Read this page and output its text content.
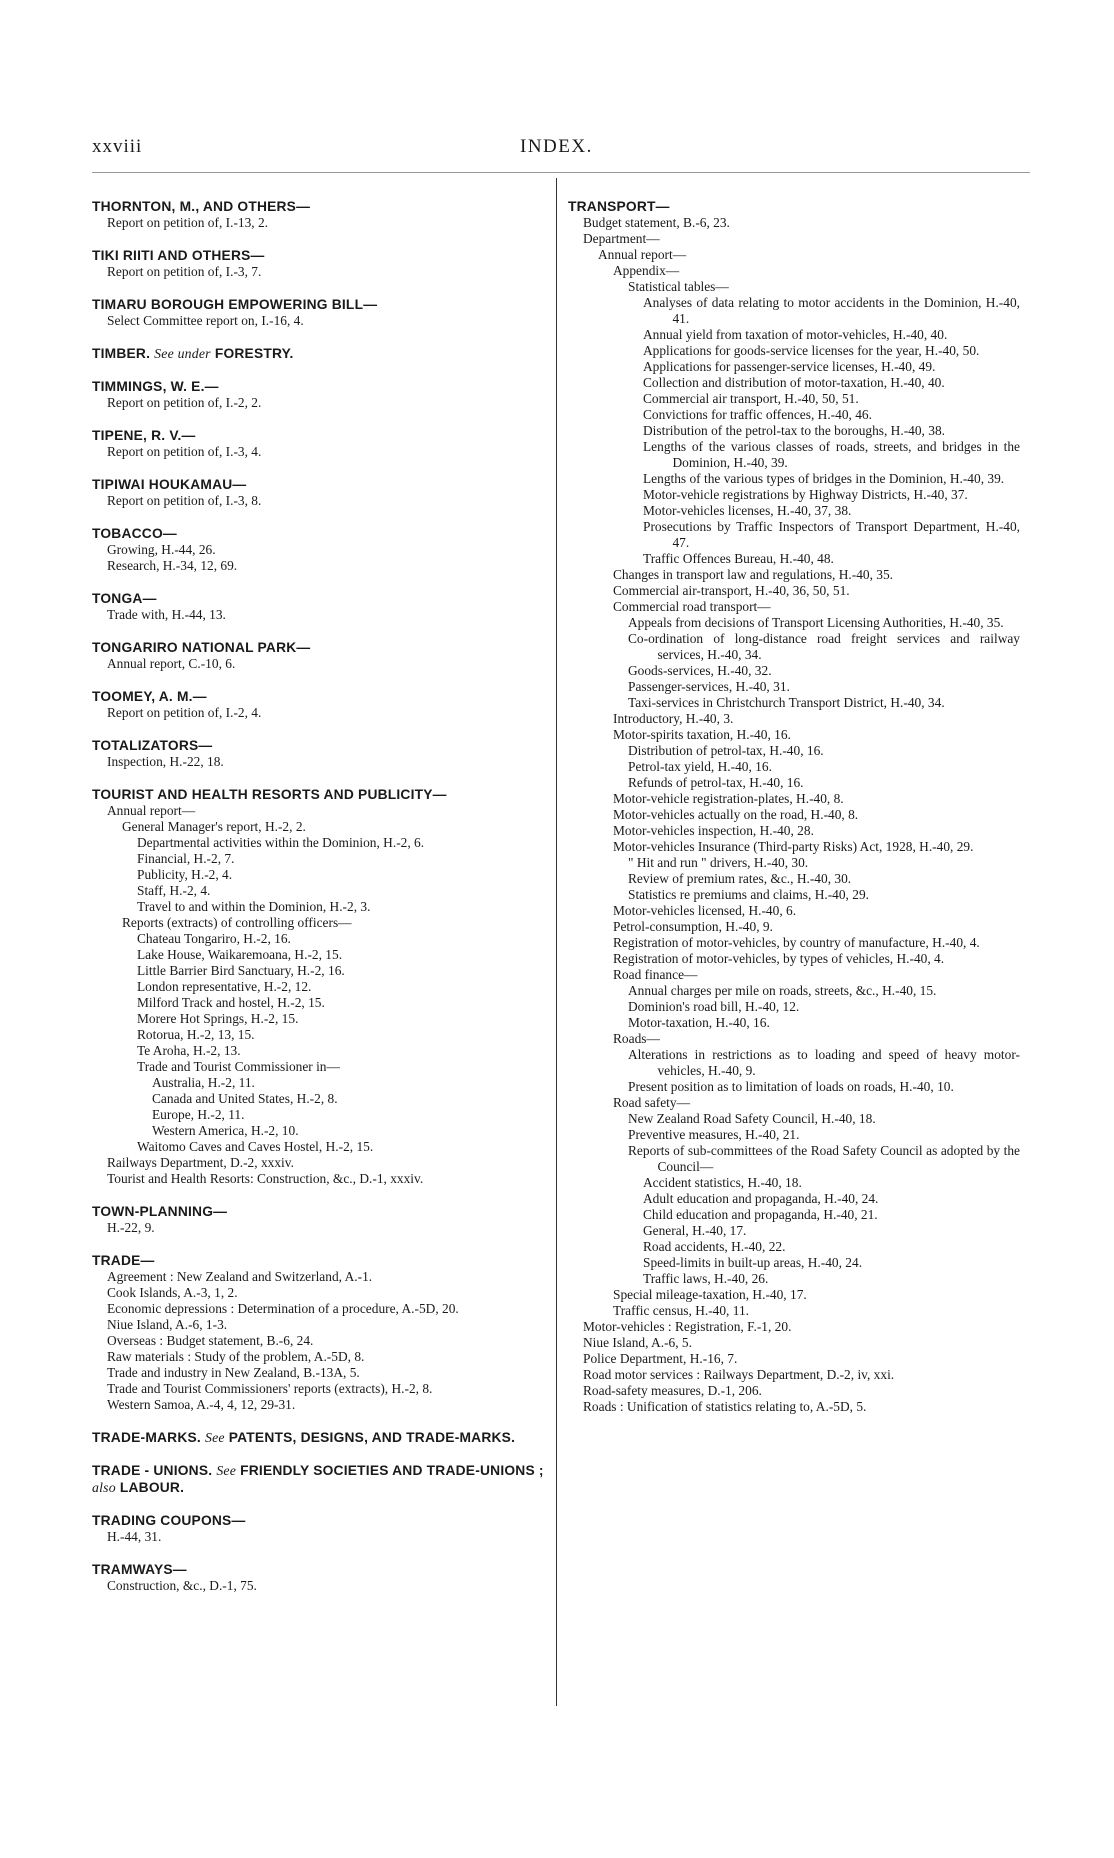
xxviii	INDEX.
THORNTON, M., AND OTHERS—
Report on petition of, I.-13, 2.
TIKI RIITI AND OTHERS—
Report on petition of, I.-3, 7.
TIMARU BOROUGH EMPOWERING BILL—
Select Committee report on, I.-16, 4.
TIMBER. See under FORESTRY.
TIMMINGS, W. E.—
Report on petition of, I.-2, 2.
TIPENE, R. V.—
Report on petition of, I.-3, 4.
TIPIWAI HOUKAMAU—
Report on petition of, I.-3, 8.
TOBACCO—
Growing, H.-44, 26.
Research, H.-34, 12, 69.
TONGA—
Trade with, H.-44, 13.
TONGARIRO NATIONAL PARK—
Annual report, C.-10, 6.
TOOMEY, A. M.—
Report on petition of, I.-2, 4.
TOTALIZATORS—
Inspection, H.-22, 18.
TOURIST AND HEALTH RESORTS AND PUBLICITY—
Annual report—
General Manager's report, H.-2, 2.
Departmental activities within the Dominion, H.-2, 6.
Financial, H.-2, 7.
Publicity, H.-2, 4.
Staff, H.-2, 4.
Travel to and within the Dominion, H.-2, 3.
Reports (extracts) of controlling officers—
Chateau Tongariro, H.-2, 16.
Lake House, Waikaremoana, H.-2, 15.
Little Barrier Bird Sanctuary, H.-2, 16.
London representative, H.-2, 12.
Milford Track and hostel, H.-2, 15.
Morere Hot Springs, H.-2, 15.
Rotorua, H.-2, 13, 15.
Te Aroha, H.-2, 13.
Trade and Tourist Commissioner in—
Australia, H.-2, 11.
Canada and United States, H.-2, 8.
Europe, H.-2, 11.
Western America, H.-2, 10.
Waitomo Caves and Caves Hostel, H.-2, 15.
Railways Department, D.-2, xxxiv.
Tourist and Health Resorts: Construction, &c., D.-1, xxxiv.
TOWN-PLANNING—
H.-22, 9.
TRADE—
Agreement : New Zealand and Switzerland, A.-1.
Cook Islands, A.-3, 1, 2.
Economic depressions : Determination of a procedure, A.-5D, 20.
Niue Island, A.-6, 1-3.
Overseas : Budget statement, B.-6, 24.
Raw materials : Study of the problem, A.-5D, 8.
Trade and industry in New Zealand, B.-13A, 5.
Trade and Tourist Commissioners' reports (extracts), H.-2, 8.
Western Samoa, A.-4, 4, 12, 29-31.
TRADE-MARKS. See PATENTS, DESIGNS, AND TRADE-MARKS.
TRADE - UNIONS. See FRIENDLY SOCIETIES AND TRADE-UNIONS ; also LABOUR.
TRADING COUPONS—
H.-44, 31.
TRAMWAYS—
Construction, &c., D.-1, 75.
TRANSPORT—
Budget statement, B.-6, 23.
Department—
Annual report—
Appendix—
Statistical tables—
Analyses of data relating to motor accidents in the Dominion, H.-40, 41.
Annual yield from taxation of motor-vehicles, H.-40, 40.
Applications for goods-service licenses for the year, H.-40, 50.
Applications for passenger-service licenses, H.-40, 49.
Collection and distribution of motor-taxation, H.-40, 40.
Commercial air transport, H.-40, 50, 51.
Convictions for traffic offences, H.-40, 46.
Distribution of the petrol-tax to the boroughs, H.-40, 38.
Lengths of the various classes of roads, streets, and bridges in the Dominion, H.-40, 39.
Lengths of the various types of bridges in the Dominion, H.-40, 39.
Motor-vehicle registrations by Highway Districts, H.-40, 37.
Motor-vehicles licenses, H.-40, 37, 38.
Prosecutions by Traffic Inspectors of Transport Department, H.-40, 47.
Traffic Offences Bureau, H.-40, 48.
Changes in transport law and regulations, H.-40, 35.
Commercial air-transport, H.-40, 36, 50, 51.
Commercial road transport—
Appeals from decisions of Transport Licensing Authorities, H.-40, 35.
Co-ordination of long-distance road freight services and railway services, H.-40, 34.
Goods-services, H.-40, 32.
Passenger-services, H.-40, 31.
Taxi-services in Christchurch Transport District, H.-40, 34.
Introductory, H.-40, 3.
Motor-spirits taxation, H.-40, 16.
Distribution of petrol-tax, H.-40, 16.
Petrol-tax yield, H.-40, 16.
Refunds of petrol-tax, H.-40, 16.
Motor-vehicle registration-plates, H.-40, 8.
Motor-vehicles actually on the road, H.-40, 8.
Motor-vehicles inspection, H.-40, 28.
Motor-vehicles Insurance (Third-party Risks) Act, 1928, H.-40, 29.
" Hit and run " drivers, H.-40, 30.
Review of premium rates, &c., H.-40, 30.
Statistics re premiums and claims, H.-40, 29.
Motor-vehicles licensed, H.-40, 6.
Petrol-consumption, H.-40, 9.
Registration of motor-vehicles, by country of manufacture, H.-40, 4.
Registration of motor-vehicles, by types of vehicles, H.-40, 4.
Road finance—
Annual charges per mile on roads, streets, &c., H.-40, 15.
Dominion's road bill, H.-40, 12.
Motor-taxation, H.-40, 16.
Roads—
Alterations in restrictions as to loading and speed of heavy motor-vehicles, H.-40, 9.
Present position as to limitation of loads on roads, H.-40, 10.
Road safety—
New Zealand Road Safety Council, H.-40, 18.
Preventive measures, H.-40, 21.
Reports of sub-committees of the Road Safety Council as adopted by the Council—
Accident statistics, H.-40, 18.
Adult education and propaganda, H.-40, 24.
Child education and propaganda, H.-40, 21.
General, H.-40, 17.
Road accidents, H.-40, 22.
Speed-limits in built-up areas, H.-40, 24.
Traffic laws, H.-40, 26.
Special mileage-taxation, H.-40, 17.
Traffic census, H.-40, 11.
Motor-vehicles : Registration, F.-1, 20.
Niue Island, A.-6, 5.
Police Department, H.-16, 7.
Road motor services : Railways Department, D.-2, iv, xxi.
Road-safety measures, D.-1, 206.
Roads : Unification of statistics relating to, A.-5D, 5.
